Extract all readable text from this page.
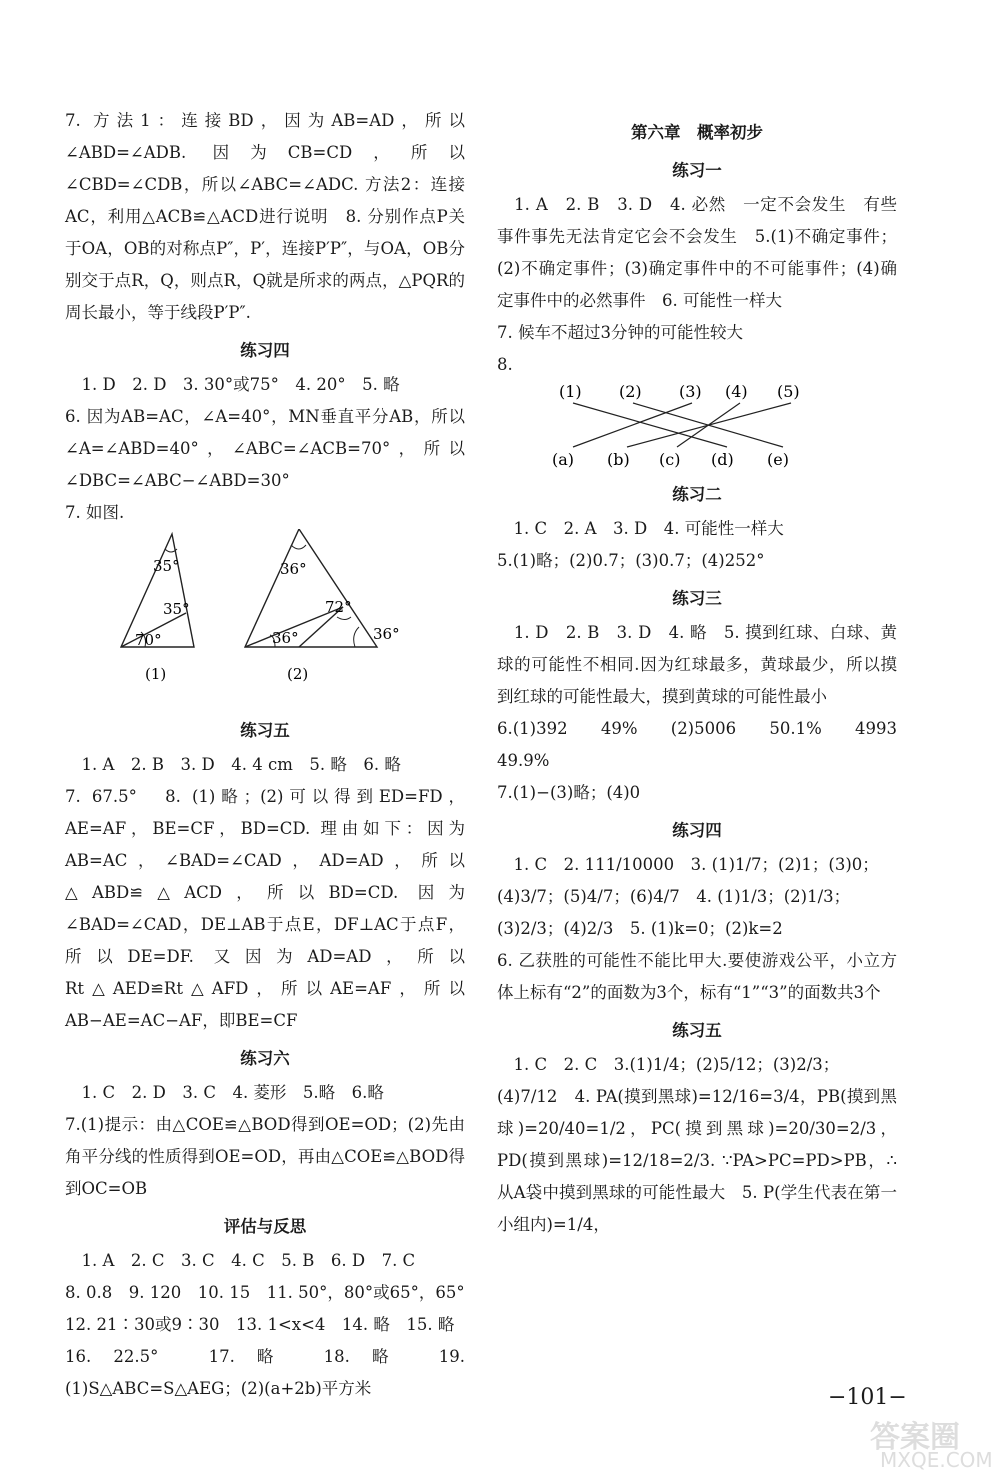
7. 方法1：连接BD，因为AB=AD，所以∠ABD=∠ADB. 因为CB=CD，所以∠CBD=∠CDB，所以∠ABC=∠ADC. 方法2：连接AC，利用△ACB≌△ACD进行说明　8. 分别作点P关于OA，OB的对称点P″，P′，连接P′P″，与OA，OB分别交于点R，Q，则点R，Q就是所求的两点，△PQR的周长最小，等于线段P′P″.
练习四
　1. D　2. D　3. 30°或75°　4. 20°　5. 略
6. 因为AB=AC，∠A=40°，MN垂直平分AB，所以∠A=∠ABD=40°，∠ABC=∠ACB=70°，所以∠DBC=∠ABC−∠ABD=30°
7. 如图.
35°
35°
70°
(1)
36°
72°
36°	36°
(2)
练习五
　1. A　2. B　3. D　4. 4 cm　5. 略　6. 略
7. 67.5°　8. (1)略；(2)可以得到ED=FD，AE=AF，BE=CF，BD=CD. 理由如下：因为AB=AC，∠BAD=∠CAD，AD=AD，所以△ABD≌△ACD，所以BD=CD. 因为∠BAD=∠CAD，DE⊥AB于点E，DF⊥AC于点F，所以DE=DF. 又因为AD=AD，所以Rt△AED≌Rt△AFD，所以AE=AF，所以AB−AE=AC−AF，即BE=CF
练习六
　1. C　2. D　3. C　4. 菱形　5.略　6.略
7.(1)提示：由△COE≌△BOD得到OE=OD；(2)先由角平分线的性质得到OE=OD，再由△COE≌△BOD得到OC=OB
评估与反思
　1. A　2. C　3. C　4. C　5. B　6. D　7. C
8. 0.8　9. 120　10. 15　11. 50°，80°或65°，65°
12. 21∶30或9∶30　13. 1<x<4　14. 略　15. 略
16. 22.5°　17. 略　18. 略　19.(1)S△ABC=S△AEG；(2)(a+2b)平方米
第六章　概率初步
练习一
　1. A　2. B　3. D　4. 必然　一定不会发生　有些事件事先无法肯定它会不会发生　5.(1)不确定事件；(2)不确定事件；(3)确定事件中的不可能事件；(4)确定事件中的必然事件　6. 可能性一样大
7. 候车不超过3分钟的可能性较大
8.
(1) (2) (3) (4) (5)
(a) (b) (c) (d) (e)
练习二
　1. C　2. A　3. D　4. 可能性一样大
5.(1)略；(2)0.7；(3)0.7；(4)252°
练习三
　1. D　2. B　3. D　4. 略　5. 摸到红球、白球、黄球的可能性不相同.因为红球最多，黄球最少，所以摸到红球的可能性最大，摸到黄球的可能性最小
6.(1)392　49%　(2)5006　50.1%　4993　49.9%
7.(1)−(3)略；(4)0
练习四
　1. C　2. 111/10000　3. (1)1/7；(2)1；(3)0；
(4)3/7；(5)4/7；(6)4/7　4. (1)1/3；(2)1/3；
(3)2/3；(4)2/3　5. (1)k=0；(2)k=2
6. 乙获胜的可能性不能比甲大.要使游戏公平，小立方体上标有“2”的面数为3个，标有“1”“3”的面数共3个
练习五
　1. C　2. C　3.(1)1/4；(2)5/12；(3)2/3；
(4)7/12　4. PA(摸到黑球)=12/16=3/4，PB(摸到黑球)=20/40=1/2，PC(摸到黑球)=20/30=2/3，PD(摸到黑球)=12/18=2/3. ∵PA>PC=PD>PB，∴从A袋中摸到黑球的可能性最大　5. P(学生代表在第一小组内)=1/4，
−101−
答案圈
MXQE.COM
